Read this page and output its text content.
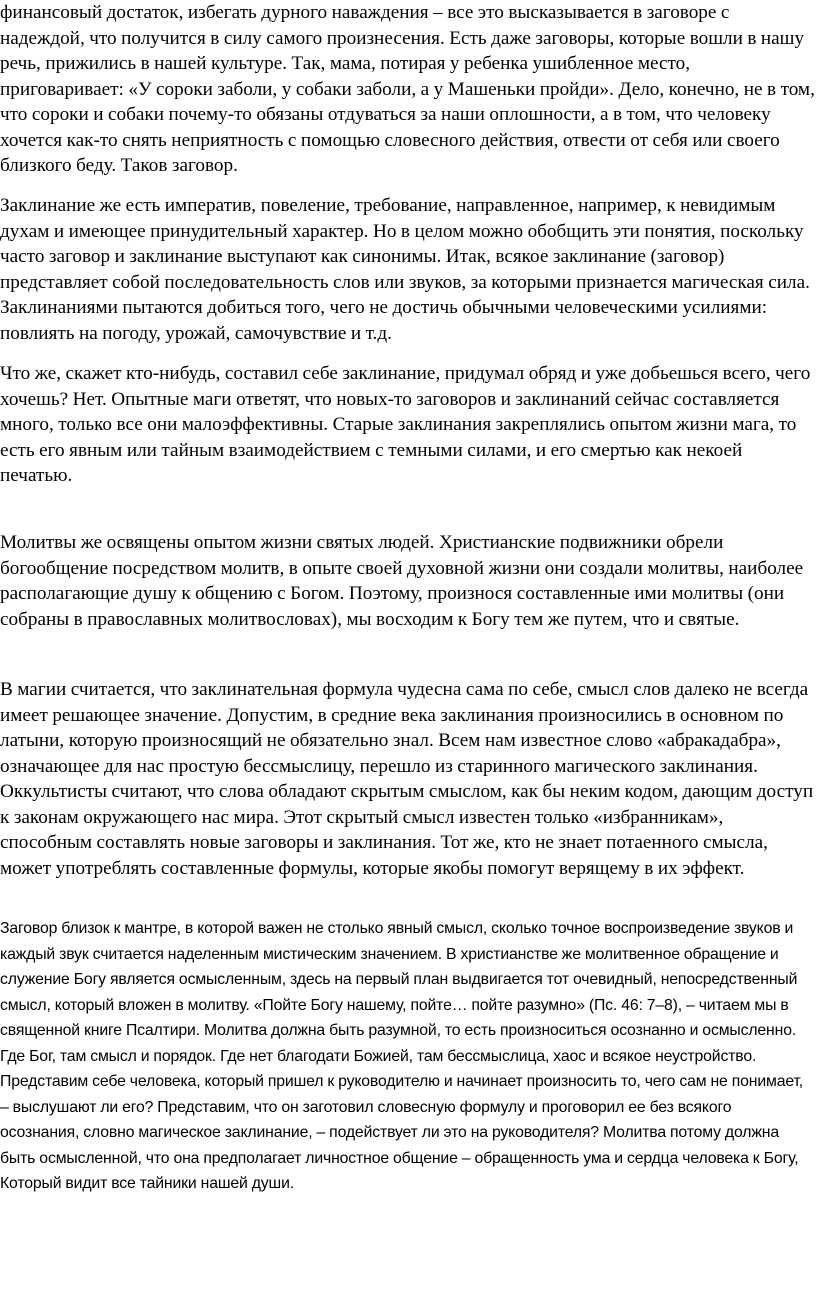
финансовый достаток, избегать дурного наваждения – все это высказывается в заговоре с надеждой, что получится в силу самого произнесения. Есть даже заговоры, которые вошли в нашу речь, прижились в нашей культуре. Так, мама, потирая у ребенка ушибленное место, приговаривает: «У сороки заболи, у собаки заболи, а у Машеньки пройди». Дело, конечно, не в том, что сороки и собаки почему-то обязаны отдуваться за наши оплошности, а в том, что человеку хочется как-то снять неприятность с помощью словесного действия, отвести от себя или своего близкого беду. Таков заговор.

Заклинание же есть императив, повеление, требование, направленное, например, к невидимым духам и имеющее принудительный характер. Но в целом можно обобщить эти понятия, поскольку часто заговор и заклинание выступают как синонимы. Итак, всякое заклинание (заговор) представляет собой последовательность слов или звуков, за которыми признается магическая сила. Заклинаниями пытаются добиться того, чего не достичь обычными человеческими усилиями: повлиять на погоду, урожай, самочувствие и т.д.

Что же, скажет кто-нибудь, составил себе заклинание, придумал обряд и уже добьешься всего, чего хочешь? Нет. Опытные маги ответят, что новых-то заговоров и заклинаний сейчас составляется много, только все они малоэффективны. Старые заклинания закреплялись опытом жизни мага, то есть его явным или тайным взаимодействием с темными силами, и его смертью как некоей печатью.

Молитвы же освящены опытом жизни святых людей. Христианские подвижники обрели богообщение посредством молитв, в опыте своей духовной жизни они создали молитвы, наиболее располагающие душу к общению с Богом. Поэтому, произнося составленные ими молитвы (они собраны в православных молитвословах), мы восходим к Богу тем же путем, что и святые.

В магии считается, что заклинательная формула чудесна сама по себе, смысл слов далеко не всегда имеет решающее значение. Допустим, в средние века заклинания произносились в основном по латыни, которую произносящий не обязательно знал. Всем нам известное слово «абракадабра», означающее для нас простую бессмыслицу, перешло из старинного магического заклинания. Оккультисты считают, что слова обладают скрытым смыслом, как бы неким кодом, дающим доступ к законам окружающего нас мира. Этот скрытый смысл известен только «избранникам», способным составлять новые заговоры и заклинания. Тот же, кто не знает потаенного смысла, может употреблять составленные формулы, которые якобы помогут верящему в их эффект.

Заговор близок к мантре, в которой важен не столько явный смысл, сколько точное воспроизведение звуков и каждый звук считается наделенным мистическим значением. В христианстве же молитвенное обращение и служение Богу является осмысленным, здесь на первый план выдвигается тот очевидный, непосредственный смысл, который вложен в молитву. «Пойте Богу нашему, пойте… пойте разумно» (Пс. 46: 7–8), – читаем мы в священной книге Псалтири. Молитва должна быть разумной, то есть произноситься осознанно и осмысленно. Где Бог, там смысл и порядок. Где нет благодати Божией, там бессмыслица, хаос и всякое неустройство. Представим себе человека, который пришел к руководителю и начинает произносить то, чего сам не понимает, – выслушают ли его? Представим, что он заготовил словесную формулу и проговорил ее без всякого осознания, словно магическое заклинание, – подействует ли это на руководителя? Молитва потому должна быть осмысленной, что она предполагает личностное общение – обращенность ума и сердца человека к Богу, Который видит все тайники нашей души.
